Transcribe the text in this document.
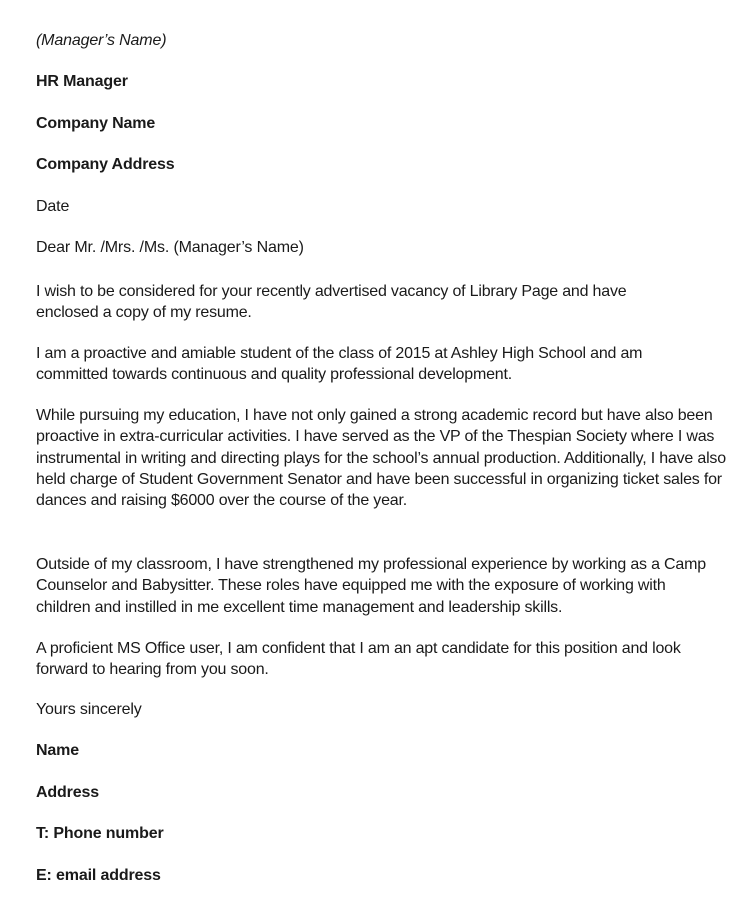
(Manager’s Name)
HR Manager
Company Name
Company Address
Date
Dear Mr. /Mrs. /Ms. (Manager’s Name)
I wish to be considered for your recently advertised vacancy of Library Page and have enclosed a copy of my resume.
I am a proactive and amiable student of the class of 2015 at Ashley High School and am committed towards continuous and quality professional development.
While pursuing my education, I have not only gained a strong academic record but have also been proactive in extra-curricular activities. I have served as the VP of the Thespian Society where I was instrumental in writing and directing plays for the school’s annual production. Additionally, I have also held charge of Student Government Senator and have been successful in organizing ticket sales for dances and raising $6000 over the course of the year.
Outside of my classroom, I have strengthened my professional experience by working as a Camp Counselor and Babysitter. These roles have equipped me with the exposure of working with children and instilled in me excellent time management and leadership skills.
A proficient MS Office user, I am confident that I am an apt candidate for this position and look forward to hearing from you soon.
Yours sincerely
Name
Address
T: Phone number
E: email address
